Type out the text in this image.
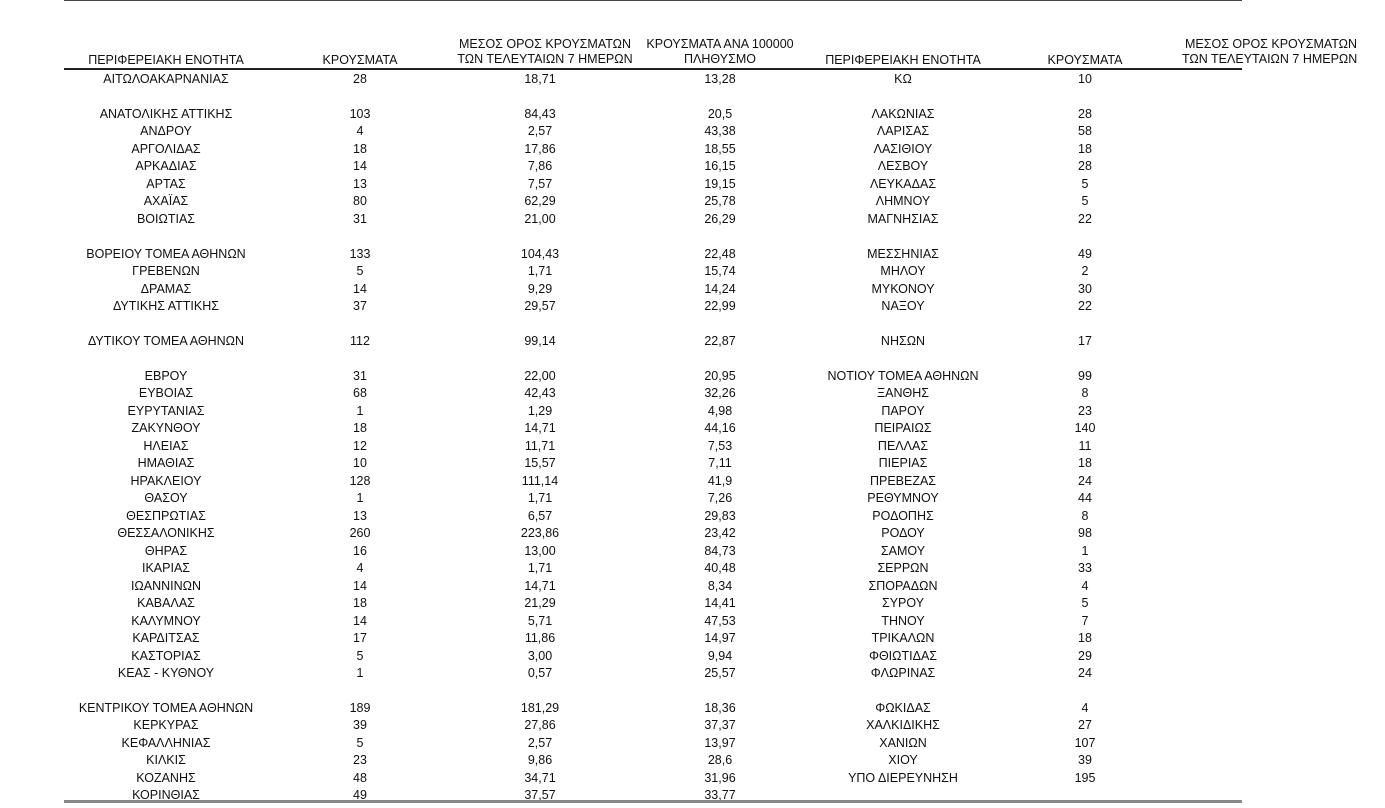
ΠΕΡΙΦΕΡΕΙΑΚΗ ΕΝΟΤΗΤΑ	ΚΡΟΥΣΜΑΤΑ
ΜΕΣΟΣ ΟΡΟΣ ΚΡΟΥΣΜΑΤΩΝ
ΤΩΝ ΤΕΛΕΥΤΑΙΩΝ 7 ΗΜΕΡΩΝ
ΚΡΟΥΣΜΑΤΑ ΑΝΑ 100000
ΠΛΗΘΥΣΜΟ	ΠΕΡΙΦΕΡΕΙΑΚΗ ΕΝΟΤΗΤΑ	ΚΡΟΥΣΜΑΤΑ
ΜΕΣΟΣ ΟΡΟΣ ΚΡΟΥΣΜΑΤΩΝ
ΤΩΝ ΤΕΛΕΥΤΑΙΩΝ 7 ΗΜΕΡΩΝ
ΑΙΤΩΛΟΑΚΑΡΝΑΝΙΑΣ	28	18,71	13,28
ΑΝΑΤΟΛΙΚΗΣ ΑΤΤΙΚΗΣ	103	84,43	20,5
ΑΝΔΡΟΥ	4	2,57	43,38
ΑΡΓΟΛΙΔΑΣ	18	17,86	18,55
ΑΡΚΑΔΙΑΣ	14	7,86	16,15
ΑΡΤΑΣ	13	7,57	19,15
ΑΧΑΪΑΣ	80	62,29	25,78
ΒΟΙΩΤΙΑΣ	31	21,00	26,29
ΒΟΡΕΙΟΥ ΤΟΜΕΑ ΑΘΗΝΩΝ	133	104,43	22,48
ΓΡΕΒΕΝΩΝ	5	1,71	15,74
ΔΡΑΜΑΣ	14	9,29	14,24
ΔΥΤΙΚΗΣ ΑΤΤΙΚΗΣ	37	29,57	22,99
ΔΥΤΙΚΟΥ ΤΟΜΕΑ ΑΘΗΝΩΝ	112	99,14	22,87
ΕΒΡΟΥ	31	22,00	20,95
ΕΥΒΟΙΑΣ	68	42,43	32,26
ΕΥΡΥΤΑΝΙΑΣ	1	1,29	4,98
ΖΑΚΥΝΘΟΥ	18	14,71	44,16
ΗΛΕΙΑΣ	12	11,71	7,53
ΗΜΑΘΙΑΣ	10	15,57	7,11
ΗΡΑΚΛΕΙΟΥ	128	111,14	41,9
ΘΑΣΟΥ	1	1,71	7,26
ΘΕΣΠΡΩΤΙΑΣ	13	6,57	29,83
ΘΕΣΣΑΛΟΝΙΚΗΣ	260	223,86	23,42
ΘΗΡΑΣ	16	13,00	84,73
ΙΚΑΡΙΑΣ	4	1,71	40,48
ΙΩΑΝΝΙΝΩΝ	14	14,71	8,34
ΚΑΒΑΛΑΣ	18	21,29	14,41
ΚΑΛΥΜΝΟΥ	14	5,71	47,53
ΚΑΡΔΙΤΣΑΣ	17	11,86	14,97
ΚΑΣΤΟΡΙΑΣ	5	3,00	9,94
ΚΕΑΣ - ΚΥΘΝΟΥ	1	0,57	25,57
ΚΕΝΤΡΙΚΟΥ ΤΟΜΕΑ ΑΘΗΝΩΝ	189	181,29	18,36
ΚΕΡΚΥΡΑΣ	39	27,86	37,37
ΚΕΦΑΛΛΗΝΙΑΣ	5	2,57	13,97
ΚΙΛΚΙΣ	23	9,86	28,6
ΚΟΖΑΝΗΣ	48	34,71	31,96
ΚΟΡΙΝΘΙΑΣ	49	37,57	33,77
ΚΩ	10
ΛΑΚΩΝΙΑΣ	28
ΛΑΡΙΣΑΣ	58
ΛΑΣΙΘΙΟΥ	18
ΛΕΣΒΟΥ	28
ΛΕΥΚΑΔΑΣ	5
ΛΗΜΝΟΥ	5
ΜΑΓΝΗΣΙΑΣ	22
ΜΕΣΣΗΝΙΑΣ	49
ΜΗΛΟΥ	2
ΜΥΚΟΝΟΥ	30
ΝΑΞΟΥ	22
ΝΗΣΩΝ	17
ΝΟΤΙΟΥ ΤΟΜΕΑ ΑΘΗΝΩΝ	99
ΞΑΝΘΗΣ	8
ΠΑΡΟΥ	23
ΠΕΙΡΑΙΩΣ	140
ΠΕΛΛΑΣ	11
ΠΙΕΡΙΑΣ	18
ΠΡΕΒΕΖΑΣ	24
ΡΕΘΥΜΝΟΥ	44
ΡΟΔΟΠΗΣ	8
ΡΟΔΟΥ	98
ΣΑΜΟΥ	1
ΣΕΡΡΩΝ	33
ΣΠΟΡΑΔΩΝ	4
ΣΥΡΟΥ	5
ΤΗΝΟΥ	7
ΤΡΙΚΑΛΩΝ	18
ΦΘΙΩΤΙΔΑΣ	29
ΦΛΩΡΙΝΑΣ	24
ΦΩΚΙΔΑΣ	4
ΧΑΛΚΙΔΙΚΗΣ	27
ΧΑΝΙΩΝ	107
ΧΙΟΥ	39
ΥΠΟ ΔΙΕΡΕΥΝΗΣΗ	195
